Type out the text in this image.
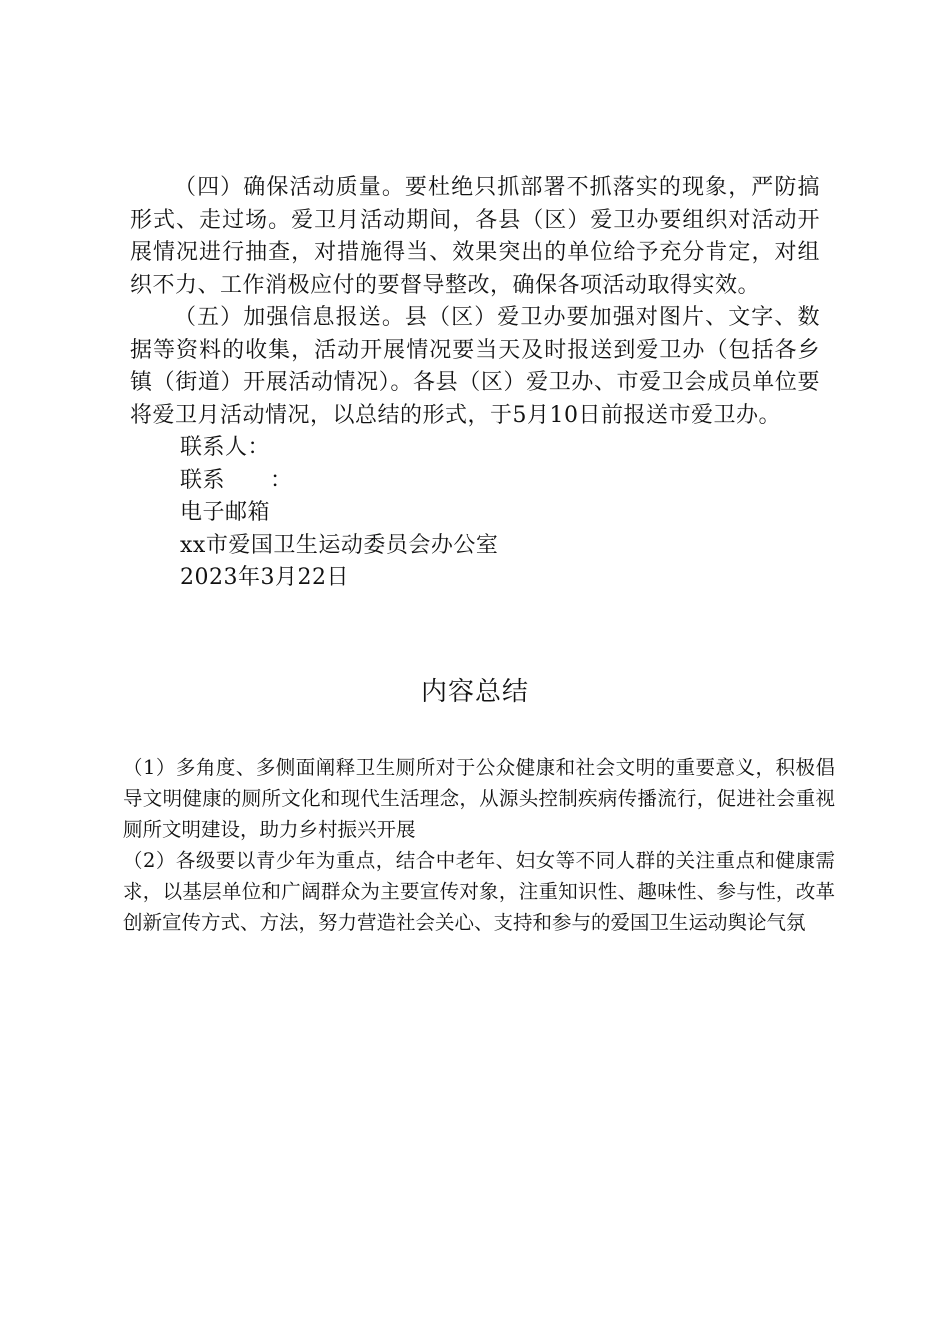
（四）确保活动质量。要杜绝只抓部署不抓落实的现象，严防搞形式、走过场。爱卫月活动期间，各县（区）爱卫办要组织对活动开展情况进行抽查，对措施得当、效果突出的单位给予充分肯定，对组织不力、工作消极应付的要督导整改，确保各项活动取得实效。

（五）加强信息报送。县（区）爱卫办要加强对图片、文字、数据等资料的收集，活动开展情况要当天及时报送到爱卫办（包括各乡镇（街道）开展活动情况）。各县（区）爱卫办、市爱卫会成员单位要将爱卫月活动情况，以总结的形式，于5月10日前报送市爱卫办。

联系人：
联系　　：
电子邮箱
xx市爱国卫生运动委员会办公室
2023年3月22日
内容总结

（1）多角度、多侧面阐释卫生厕所对于公众健康和社会文明的重要意义，积极倡导文明健康的厕所文化和现代生活理念，从源头控制疾病传播流行，促进社会重视厕所文明建设，助力乡村振兴开展

（2）各级要以青少年为重点，结合中老年、妇女等不同人群的关注重点和健康需求，以基层单位和广阔群众为主要宣传对象，注重知识性、趣味性、参与性，改革创新宣传方式、方法，努力营造社会关心、支持和参与的爱国卫生运动舆论气氛
